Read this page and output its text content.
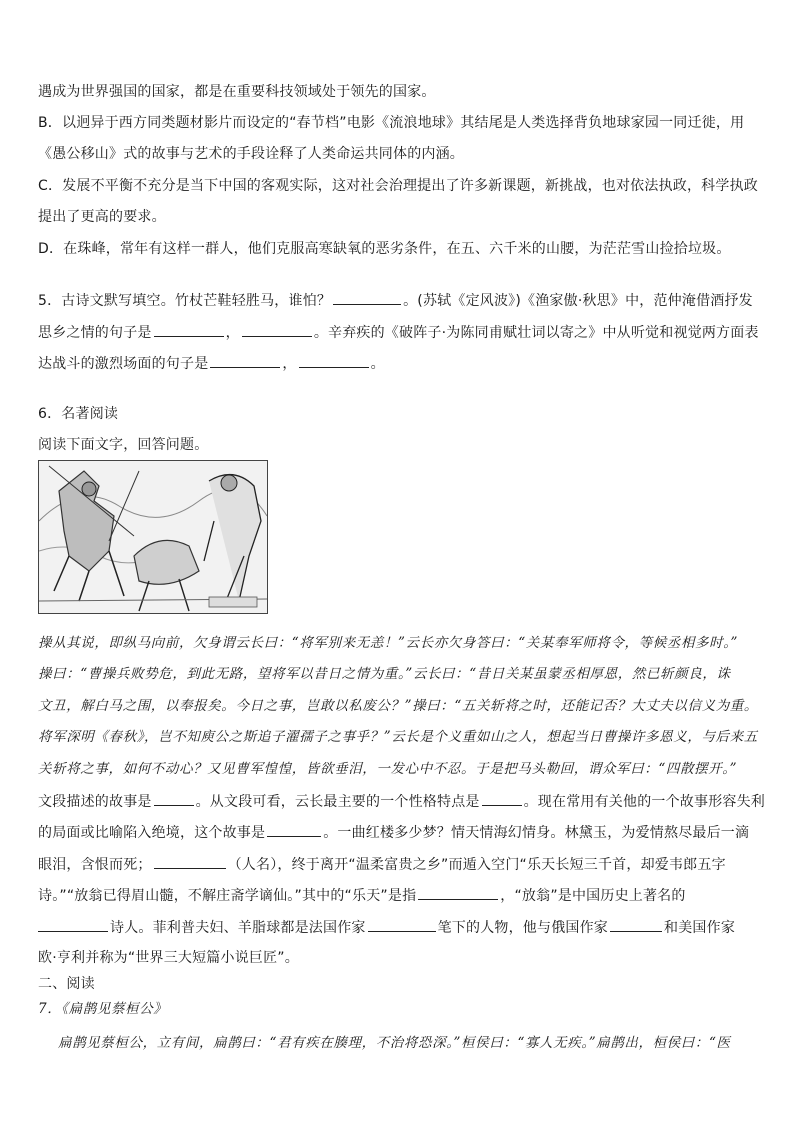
遇成为世界强国的国家，都是在重要科技领域处于领先的国家。
B．以迥异于西方同类题材影片而设定的“春节档”电影《流浪地球》其结尾是人类选择背负地球家园一同迁徙，用
《愚公移山》式的故事与艺术的手段诠释了人类命运共同体的内涵。
C．发展不平衡不充分是当下中国的客观实际，这对社会治理提出了许多新课题，新挑战，也对依法执政，科学执政
提出了更高的要求。
D．在珠峰，常年有这样一群人，他们克服高寒缺氧的恶劣条件，在五、六千米的山腰，为茫茫雪山捡拾垃圾。
5．古诗文默写填空。竹杖芒鞋轻胜马，谁怕？	。(苏轼《定风波》)《渔家傲·秋思》中，范仲淹借酒抒发
思乡之情的句子是	，	。辛弃疾的《破阵子·为陈同甫赋壮词以寄之》中从听觉和视觉两方面表
达战斗的激烈场面的句子是	，	。
6．名著阅读
阅读下面文字，回答问题。
操从其说，即纵马向前，欠身谓云长曰：“将军别来无恙！”云长亦欠身答曰：“关某奉军师将令，等候丞相多时。”
操曰：“曹操兵败势危，到此无路，望将军以昔日之情为重。”云长曰：“昔日关某虽蒙丞相厚恩，然已斩颜良，诛
文丑，解白马之围，以奉报矣。今日之事，岂敢以私废公？”操曰：“五关斩将之时，还能记否？大丈夫以信义为重。
将军深明《春秋》，岂不知庾公之斯追子濯孺子之事乎？”云长是个义重如山之人，想起当日曹操许多恩义，与后来五
关斩将之事，如何不动心？又见曹军惶惶，皆欲垂泪，一发心中不忍。于是把马头勒回，谓众军曰：“四散摆开。”
文段描述的故事是	。从文段可看，云长最主要的一个性格特点是	。现在常用有关他的一个故事形容失利
的局面或比喻陷入绝境，这个故事是	。一曲红楼多少梦？情天情海幻情身。林黛玉，为爱情熬尽最后一滴
眼泪，含恨而死；	（人名），终于离开“温柔富贵之乡”而遁入空门“乐天长短三千首，却爱韦郎五字
诗。”“放翁已得眉山髓，不解庄斋学谪仙。”其中的“乐天”是指	，“放翁”是中国历史上著名的
诗人。菲利普夫妇、羊脂球都是法国作家	笔下的人物，他与俄国作家	和美国作家
欧·亨利并称为“世界三大短篇小说巨匠”。
二、阅读
7．《扁鹊见蔡桓公》
扁鹊见蔡桓公，立有间，扁鹊曰：“君有疾在腠理，不治将恐深。”桓侯曰：“寡人无疾。”扁鹊出，桓侯曰：“医
